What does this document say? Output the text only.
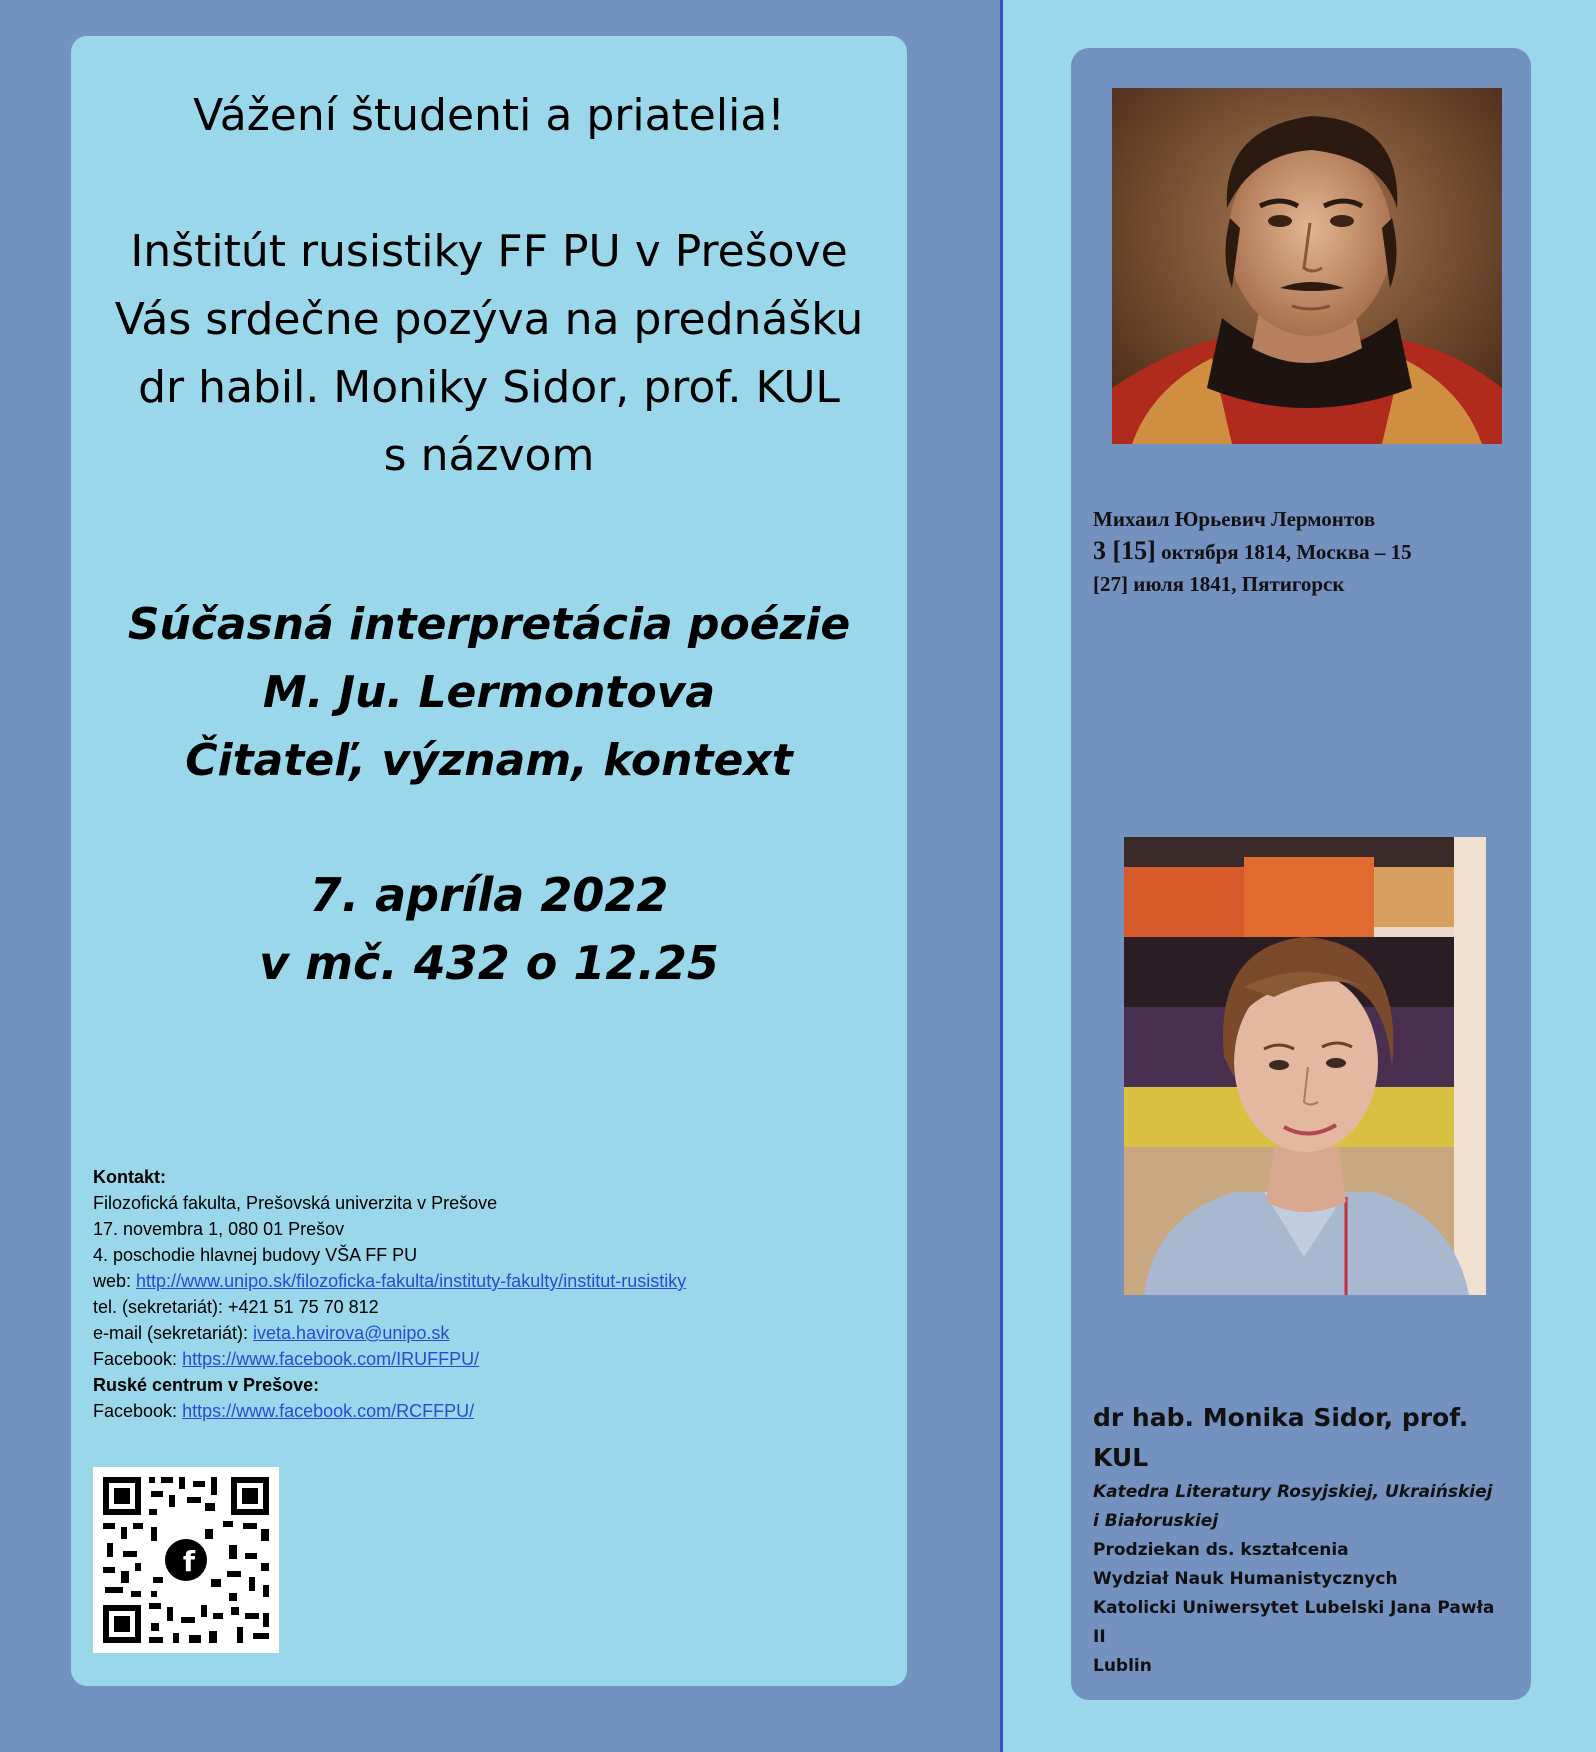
Vážení študenti a priatelia!
Inštitút rusistiky FF PU v Prešove
Vás srdečne pozýva na prednášku
dr habil. Moniky Sidor, prof. KUL
s názvom
Súčasná interpretácia poézie
M. Ju. Lermontova
Čitateľ, význam, kontext
7. apríla 2022
v mč. 432 o 12.25
Kontakt:
Filozofická fakulta, Prešovská univerzita v Prešove
17. novembra 1, 080 01 Prešov
4. poschodie hlavnej budovy VŠA FF PU
web: http://www.unipo.sk/filozoficka-fakulta/instituty-fakulty/institut-rusistiky
tel. (sekretariát): +421 51 75 70 812
e-mail (sekretariát): iveta.havirova@unipo.sk
Facebook: https://www.facebook.com/IRUFFPU/
Ruské centrum v Prešove:
Facebook: https://www.facebook.com/RCFFPU/
f
Михаил Юрьевич Лермонтов
3 [15] октября 1814, Москва – 15
[27] июля 1841, Пятигорск
dr hab. Monika Sidor, prof. KUL
Katedra Literatury Rosyjskiej, Ukraińskiej
i Białoruskiej
Prodziekan ds. kształcenia
Wydział Nauk Humanistycznych
Katolicki Uniwersytet Lubelski Jana Pawła
II
Lublin
